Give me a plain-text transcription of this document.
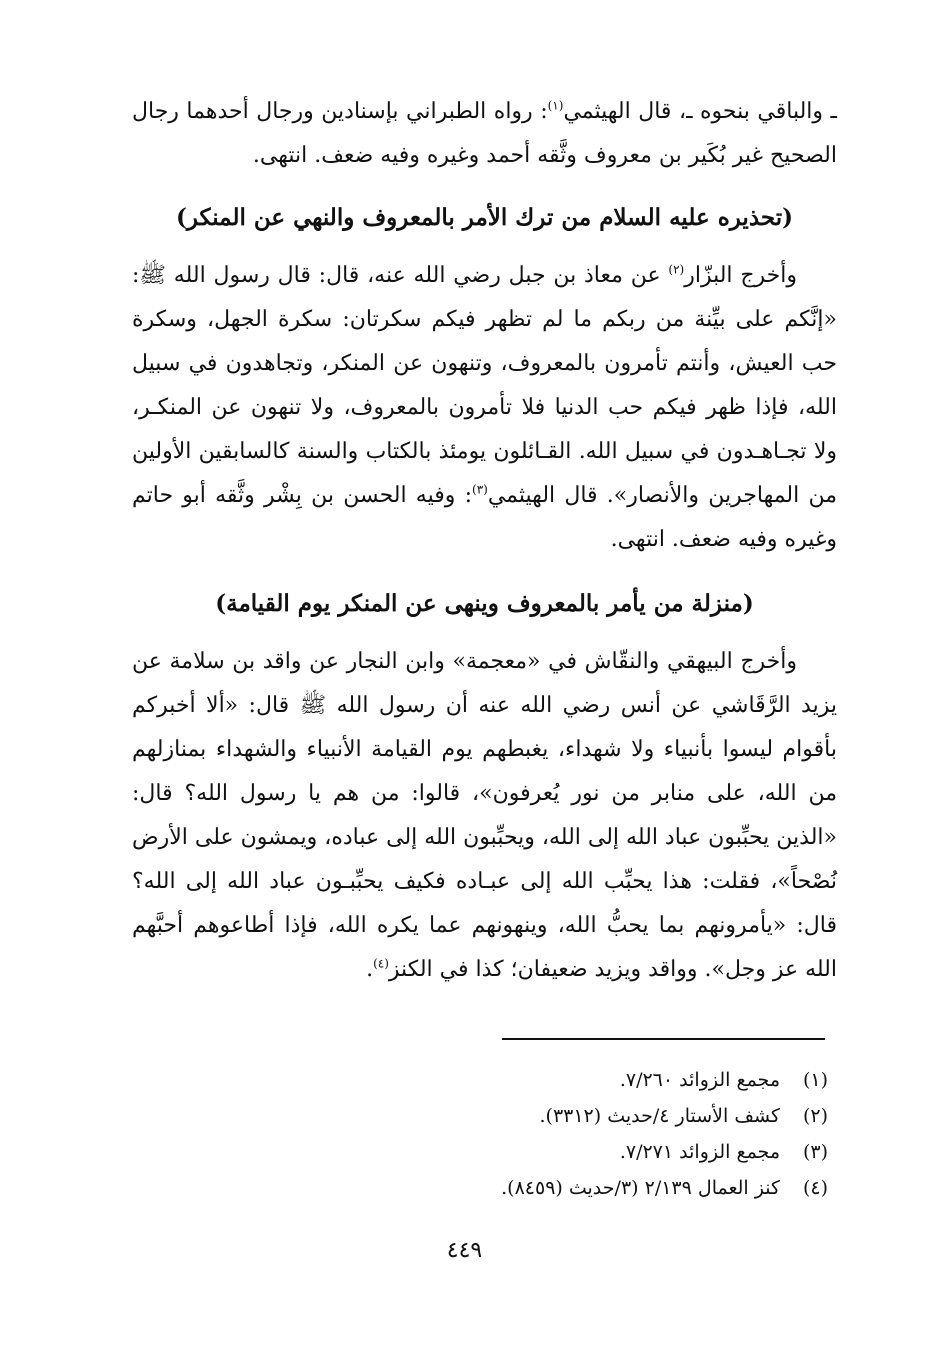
ـ والباقي بنحوه ـ، قال الهيثمي$^{(١)}$: رواه الطبراني بإسنادين ورجال أحدهما رجال الصحيح غير بُكَير بن معروف وثَّقه أحمد وغيره وفيه ضعف. انتهى.

(تحذيره عليه السلام من ترك الأمر بالمعروف والنهي عن المنكر)

وأخرج البزّار$^{(٢)}$ عن معاذ بن جبل رضي الله عنه، قال: قال رسول الله ﷺ: «إنَّكم على بيِّنة من ربكم ما لم تظهر فيكم سكرتان: سكرة الجهل، وسكرة حب العيش، وأنتم تأمرون بالمعروف، وتنهون عن المنكر، وتجاهدون في سبيل الله، فإذا ظهر فيكم حب الدنيا فلا تأمرون بالمعروف، ولا تنهون عن المنكـر، ولا تجـاهـدون في سبيل الله. القـائلون يومئذ بالكتاب والسنة كالسابقين الأولين من المهاجرين والأنصار». قال الهيثمي$^{(٣)}$: وفيه الحسن بن بِشْر وثَّقه أبو حاتم وغيره وفيه ضعف. انتهى.

(منزلة من يأمر بالمعروف وينهى عن المنكر يوم القيامة)

وأخرج البيهقي والنقّاش في «معجمة» وابن النجار عن واقد بن سلامة عن يزيد الرَّقَاشي عن أنس رضي الله عنه أن رسول الله ﷺ قال: «ألا أخبركم بأقوام ليسوا بأنبياء ولا شهداء، يغبطهم يوم القيامة الأنبياء والشهداء بمنازلهم من الله، على منابر من نور يُعرفون»، قالوا: من هم يا رسول الله؟ قال: «الذين يحبِّبون عباد الله إلى الله، ويحبِّبون الله إلى عباده، ويمشون على الأرض نُصْحاً»، فقلت: هذا يحبِّب الله إلى عبـاده فكيف يحبِّبـون عباد الله إلى الله؟ قال: «يأمرونهم بما يحبُّ الله، وينهونهم عما يكره الله، فإذا أطاعوهم أحبَّهم الله عز وجل». وواقد ويزيد ضعيفان؛ كذا في الكنز$^{(٤)}$.

(١)
مجمع الزوائد ٧/٢٦٠.
(٢)
كشف الأستار ٤/حديث (٣٣١٢).
(٣)
مجمع الزوائد ٧/٢٧١.
(٤)
كنز العمال ٢/١٣٩ (٣/حديث (٨٤٥٩).
٤٤٩
